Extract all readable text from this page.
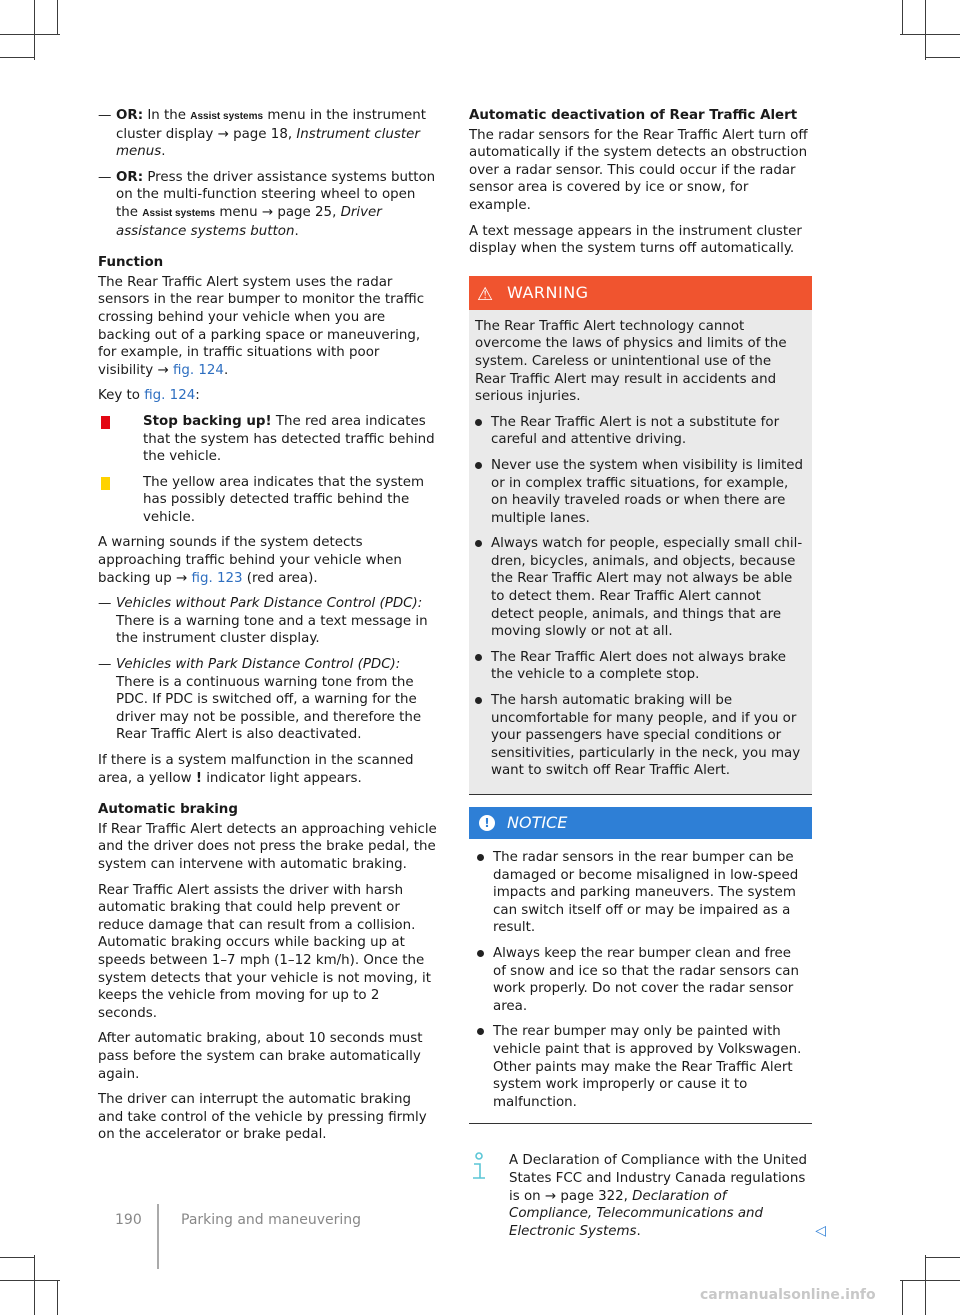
— OR: In the Assist systems menu in the instrument cluster display → page 18, Instrument cluster menus.
— OR: Press the driver assistance systems button on the multi-function steering wheel to open the Assist systems menu → page 25, Driver assistance systems button.

Function

The Rear Traffic Alert system uses the radar sensors in the rear bumper to monitor the traffic crossing behind your vehicle when you are backing out of a parking space or maneuvering, for example, in traffic situations with poor visibility → fig. 124.

Key to fig. 124:

Stop backing up! The red area indicates that the system has detected traffic behind the vehicle.
The yellow area indicates that the system has possibly detected traffic behind the vehicle.

A warning sounds if the system detects approaching traffic behind your vehicle when backing up → fig. 123 (red area).

— Vehicles without Park Distance Control (PDC): There is a warning tone and a text message in the instrument cluster display.
— Vehicles with Park Distance Control (PDC): There is a continuous warning tone from the PDC. If PDC is switched off, a warning for the driver may not be possible, and therefore the Rear Traffic Alert is also deactivated.

If there is a system malfunction in the scanned area, a yellow ! indicator light appears.

Automatic braking

If Rear Traffic Alert detects an approaching vehicle and the driver does not press the brake pedal, the system can intervene with automatic braking.

Rear Traffic Alert assists the driver with harsh automatic braking that could help prevent or reduce damage that can result from a collision. Automatic braking occurs while backing up at speeds between 1–7 mph (1–12 km/h). Once the system detects that your vehicle is not moving, it keeps the vehicle from moving for up to 2 seconds.

After automatic braking, about 10 seconds must pass before the system can brake automatically again.

The driver can interrupt the automatic braking and take control of the vehicle by pressing firmly on the accelerator or brake pedal.

Automatic deactivation of Rear Traffic Alert

The radar sensors for the Rear Traffic Alert turn off automatically if the system detects an obstruction over a radar sensor. This could occur if the radar sensor area is covered by ice or snow, for example.

A text message appears in the instrument cluster display when the system turns off automatically.

⚠ WARNING

The Rear Traffic Alert technology cannot overcome the laws of physics and limits of the system. Careless or unintentional use of the Rear Traffic Alert may result in accidents and serious injuries.

The Rear Traffic Alert is not a substitute for careful and attentive driving.
Never use the system when visibility is limited or in complex traffic situations, for example, on heavily traveled roads or when there are multiple lanes.
Always watch for people, especially small children, bicycles, animals, and objects, because the Rear Traffic Alert may not always be able to detect them. Rear Traffic Alert cannot detect people, animals, and things that are moving slowly or not at all.
The Rear Traffic Alert does not always brake the vehicle to a complete stop.
The harsh automatic braking will be uncomfortable for many people, and if you or your passengers have special conditions or sensitivities, particularly in the neck, you may want to switch off Rear Traffic Alert.
!	NOTICE
The radar sensors in the rear bumper can be damaged or become misaligned in low-speed impacts and parking maneuvers. The system can switch itself off or may be impaired as a result.
Always keep the rear bumper clean and free of snow and ice so that the radar sensors can work properly. Do not cover the radar sensor area.
The rear bumper may only be painted with vehicle paint that is approved by Volkswagen. Other paints may make the Rear Traffic Alert system work improperly or cause it to malfunction.
A Declaration of Compliance with the United States FCC and Industry Canada regulations is on → page 322, Declaration of Compliance, Telecommunications and Electronic Systems.	◁
190	Parking and maneuvering
carmanualsonline.info
